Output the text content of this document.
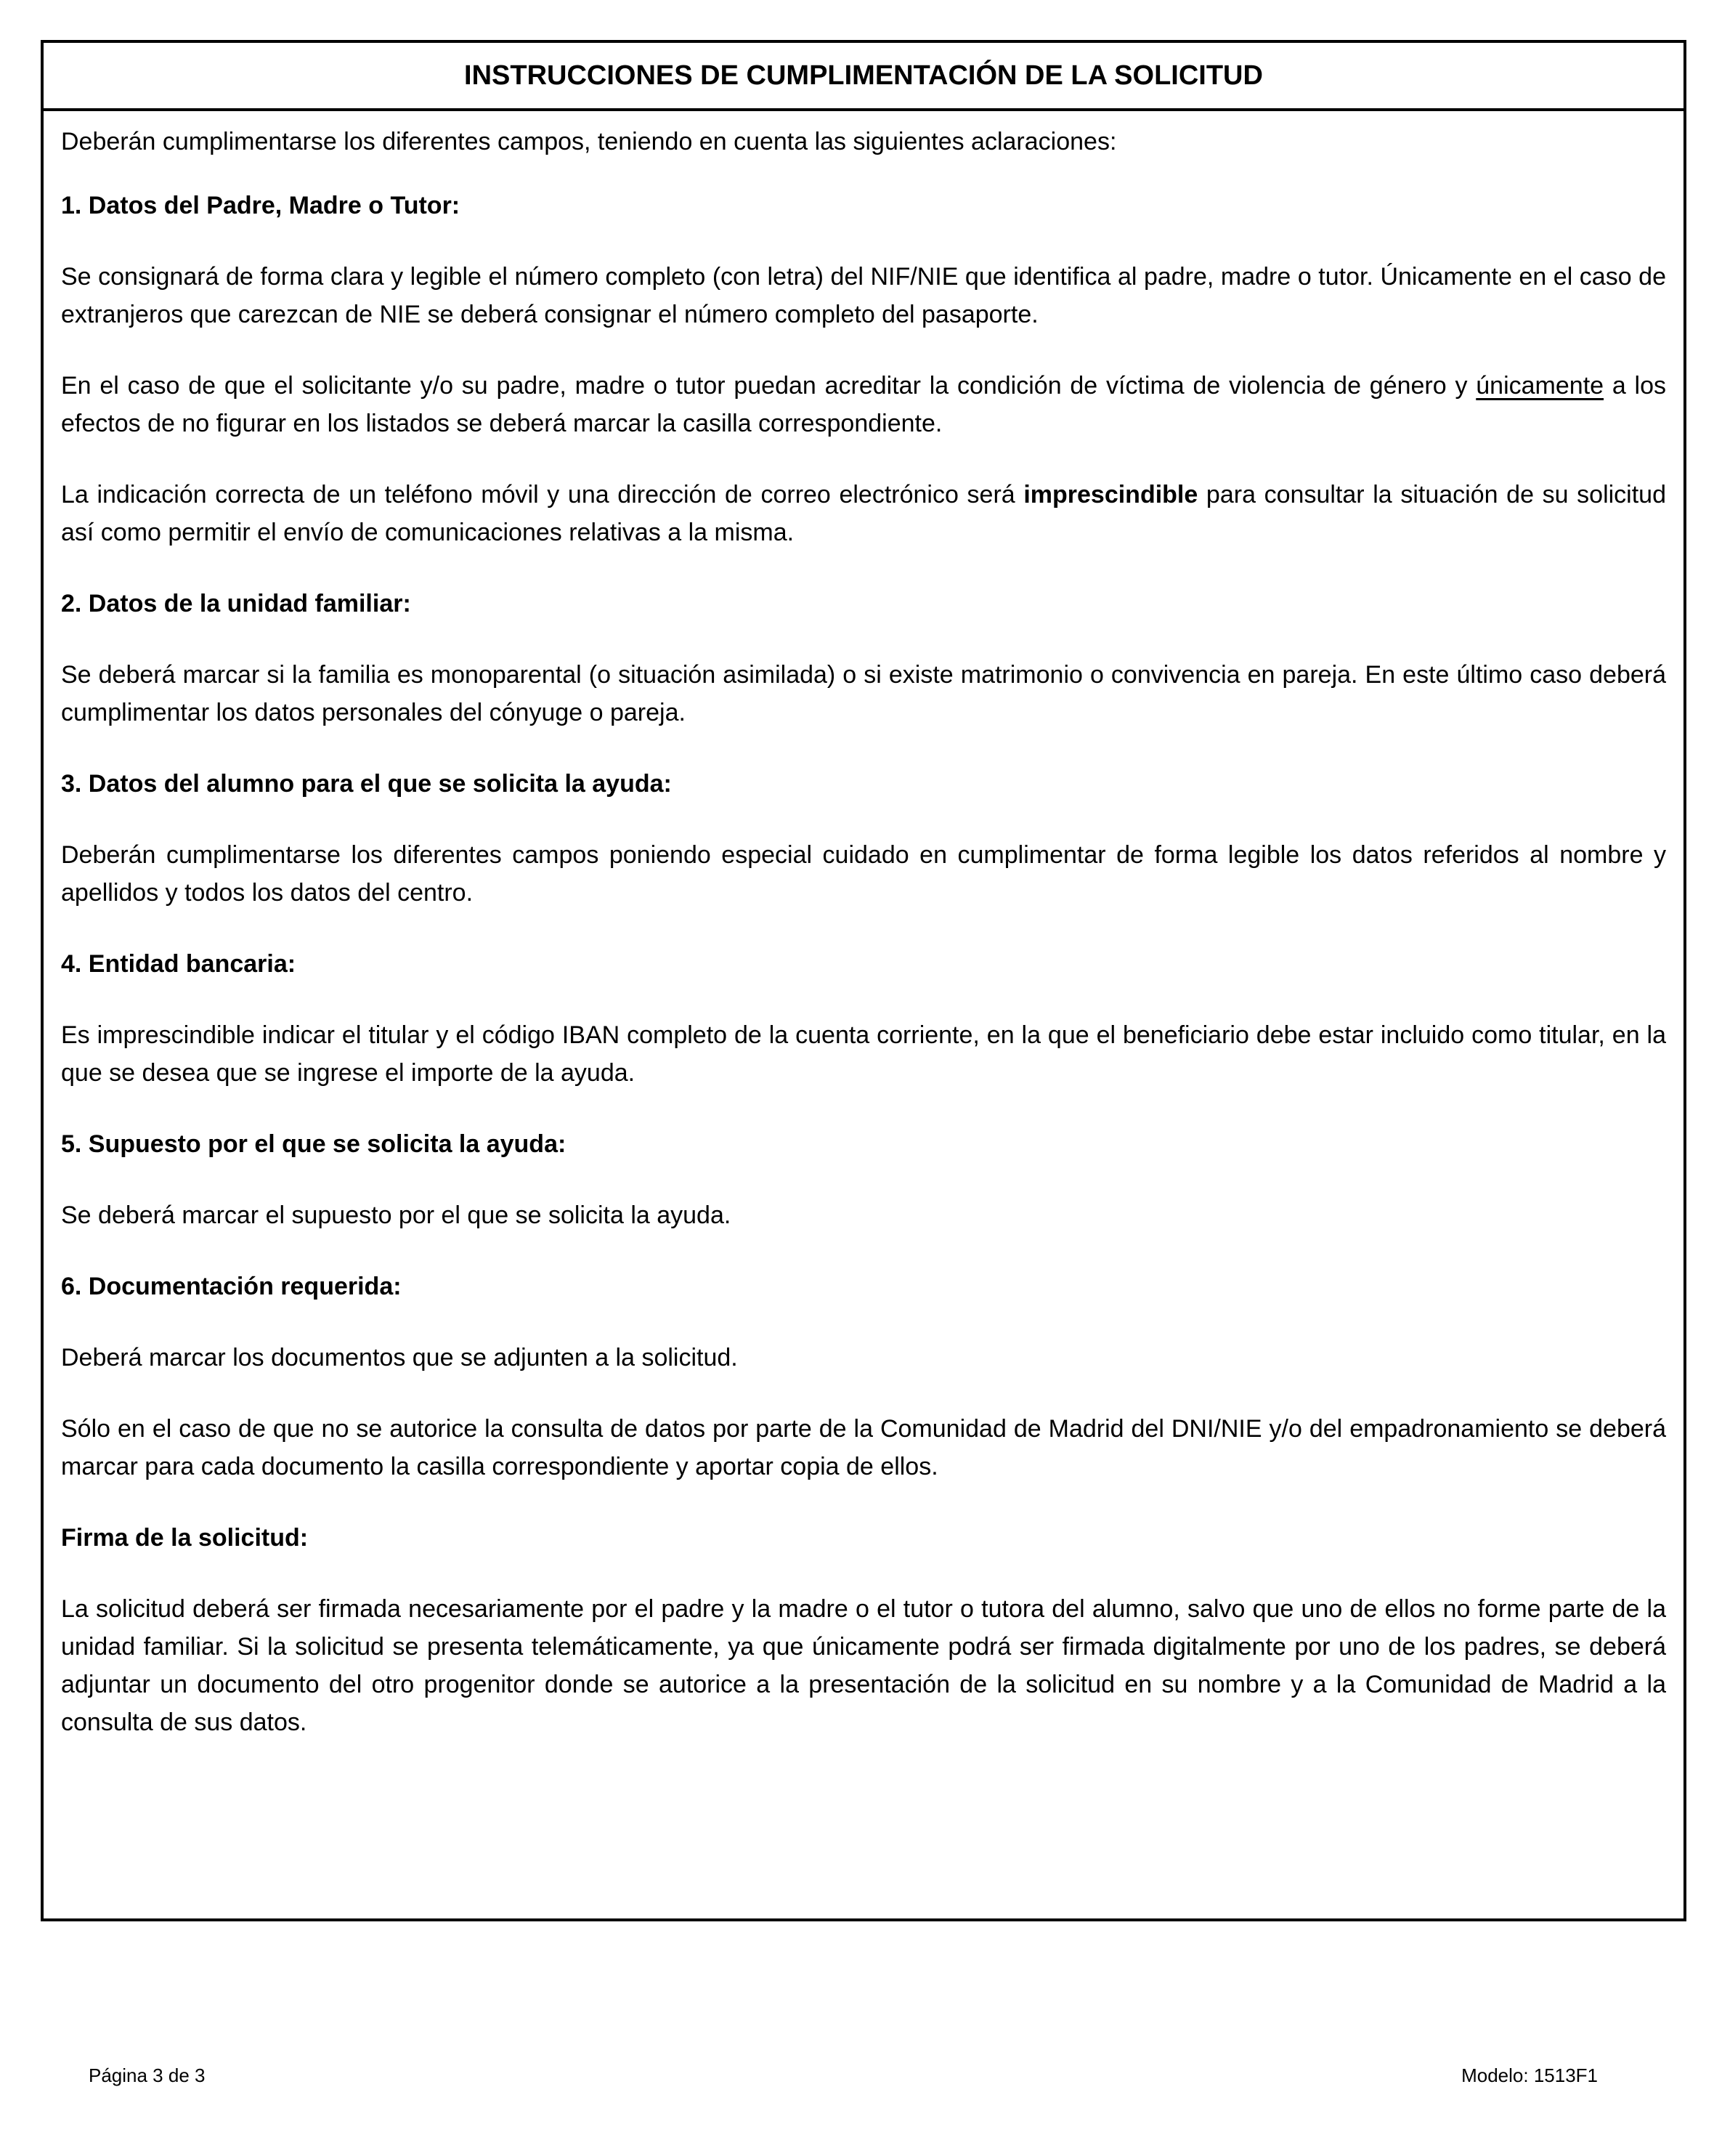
INSTRUCCIONES DE CUMPLIMENTACIÓN DE LA SOLICITUD

Deberán cumplimentarse los diferentes campos, teniendo en cuenta las siguientes aclaraciones:

1. Datos del Padre, Madre o Tutor:

Se consignará de forma clara y legible el número completo (con letra) del NIF/NIE que identifica al padre, madre o tutor. Únicamente en el caso de extranjeros que carezcan de NIE se deberá consignar el número completo del pasaporte.

En el caso de que el solicitante y/o su padre, madre o tutor puedan acreditar la condición de víctima de violencia de género y únicamente a los efectos de no figurar en los listados se deberá marcar la casilla correspondiente.

La indicación correcta de un teléfono móvil y una dirección de correo electrónico será imprescindible para consultar la situación de su solicitud así como permitir el envío de comunicaciones relativas a la misma.

2. Datos de la unidad familiar:

Se deberá marcar si la familia es monoparental (o situación asimilada) o si existe matrimonio o convivencia en pareja. En este último caso deberá cumplimentar los datos personales del cónyuge o pareja.

3. Datos del alumno para el que se solicita la ayuda:

Deberán cumplimentarse los diferentes campos poniendo especial cuidado en cumplimentar de forma legible los datos referidos al nombre y apellidos y todos los datos del centro.

4. Entidad bancaria:

Es imprescindible indicar el titular y el código IBAN completo de la cuenta corriente, en la que el beneficiario debe estar incluido como titular, en la que se desea que se ingrese el importe de la ayuda.

5. Supuesto por el que se solicita la ayuda:

Se deberá marcar el supuesto por el que se solicita la ayuda.

6. Documentación requerida:

Deberá marcar los documentos que se adjunten a la solicitud.

Sólo en el caso de que no se autorice la consulta de datos por parte de la Comunidad de Madrid del DNI/NIE y/o del empadronamiento se deberá marcar para cada documento la casilla correspondiente y aportar copia de ellos.

Firma de la solicitud:

La solicitud deberá ser firmada necesariamente por el padre y la madre o el tutor o tutora del alumno, salvo que uno de ellos no forme parte de la unidad familiar. Si la solicitud se presenta telemáticamente, ya que únicamente podrá ser firmada digitalmente por uno de los padres, se deberá adjuntar un documento del otro progenitor donde se autorice a la presentación de la solicitud en su nombre y a la Comunidad de Madrid a la consulta de sus datos.

Página 3 de 3	Modelo: 1513F1
